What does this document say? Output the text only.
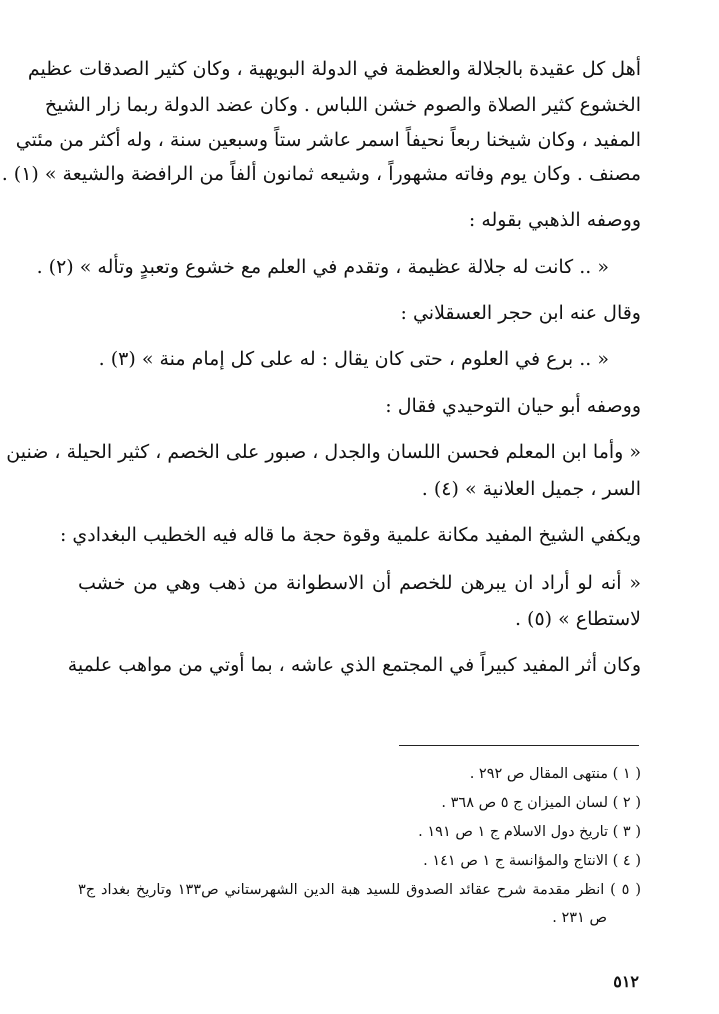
أهل كل عقيدة بالجلالة والعظمة في الدولة البويهية ، وكان كثير الصدقات عظيم
الخشوع كثير الصلاة والصوم خشن اللباس . وكان عضد الدولة ربما زار الشيخ
المفيد ، وكان شيخنا ربعاً نحيفاً اسمر عاشر ستاً وسبعين سنة ، وله أكثر من مئتي
مصنف . وكان يوم وفاته مشهوراً ، وشيعه ثمانون ألفاً من الرافضة والشيعة » (١) .
ووصفه الذهبي بقوله :
« .. كانت له جلالة عظيمة ، وتقدم في العلم مع خشوع وتعبدٍ وتأله » (٢) .
وقال عنه ابن حجر العسقلاني :
« .. برع في العلوم ، حتى كان يقال : له على كل إمام منة » (٣) .
ووصفه أبو حيان التوحيدي فقال :
« وأما ابن المعلم فحسن اللسان والجدل ، صبور على الخصم ، كثير الحيلة ، ضنين
السر ، جميل العلانية » (٤) .
ويكفي الشيخ المفيد مكانة علمية وقوة حجة ما قاله فيه الخطيب البغدادي :
« أنه لو أراد ان يبرهن للخصم أن الاسطوانة من ذهب وهي من خشب
لاستطاع » (٥) .
وكان أثر المفيد كبيراً في المجتمع الذي عاشه ، بما أوتي من مواهب علمية
( ١ ) منتهى المقال ص ٢٩٢ .
( ٢ ) لسان الميزان ج ٥ ص ٣٦٨ .
( ٣ ) تاريخ دول الاسلام ج ١ ص ١٩١ .
( ٤ ) الانتاج والمؤانسة ج ١ ص ١٤١ .
( ٥ ) انظر مقدمة شرح عقائد الصدوق للسيد هبة الدين الشهرستاني ص١٣٣ وتاريخ بغداد ج٣
ص ٢٣١ .
٥١٢
